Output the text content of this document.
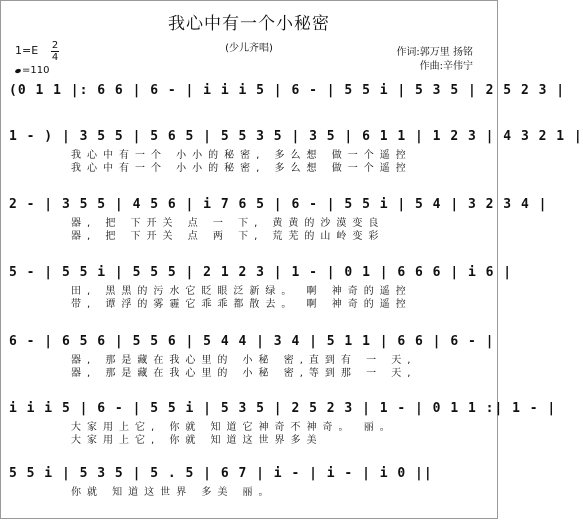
我心中有一个小秘密
(少儿齐唱)
1=E 2
4
=110
作词:郭万里 扬铭
作曲:辛伟宁
(0 1 1 |: 6 6 | 6 - | i i i 5 | 6 - | 5 5 i | 5 3 5 | 2 5 2 3 |
1 - ) | 3 5 5 | 5 6 5 | 5 5 3 5 | 3 5 | 6 1 1 | 1 2 3 | 4 3 2 1 |
我心中有一个 小小的秘密, 多么想 做一个遥控
我心中有一个 小小的秘密, 多么想 做一个遥控
2 - | 3 5 5 | 4 5 6 | i 7 6 5 | 6 - | 5 5 i | 5 4 | 3 2 3 4 |
器, 把 下开关 点 一 下, 黄黄的沙漠变良
器, 把 下开关 点 两 下, 荒芜的山岭变彩
5 - | 5 5 i | 5 5 5 | 2 1 2 3 | 1 - | 0 1 | 6 6 6 | i 6 |
田, 黑黑的污水它眨眼泛新绿。 啊 神奇的遥控
带, 谭浮的雾霾它乖乖都散去。 啊 神奇的遥控
6 - | 6 5 6 | 5 5 6 | 5 4 4 | 3 4 | 5 1 1 | 6 6 | 6 - |
器, 那是藏在我心里的 小秘 密,直到有 一 天,
器, 那是藏在我心里的 小秘 密,等到那 一 天,
i i i 5 | 6 - | 5 5 i | 5 3 5 | 2 5 2 3 | 1 - | 0 1 1 :| 1 - |
大家用上它, 你就 知道它神奇不神奇。 丽。
大家用上它, 你就 知道这世界多美
5 5 i | 5 3 5 | 5 . 5 | 6 7 | i - | i - | i 0 ||
你就 知道这世界 多美 丽。
